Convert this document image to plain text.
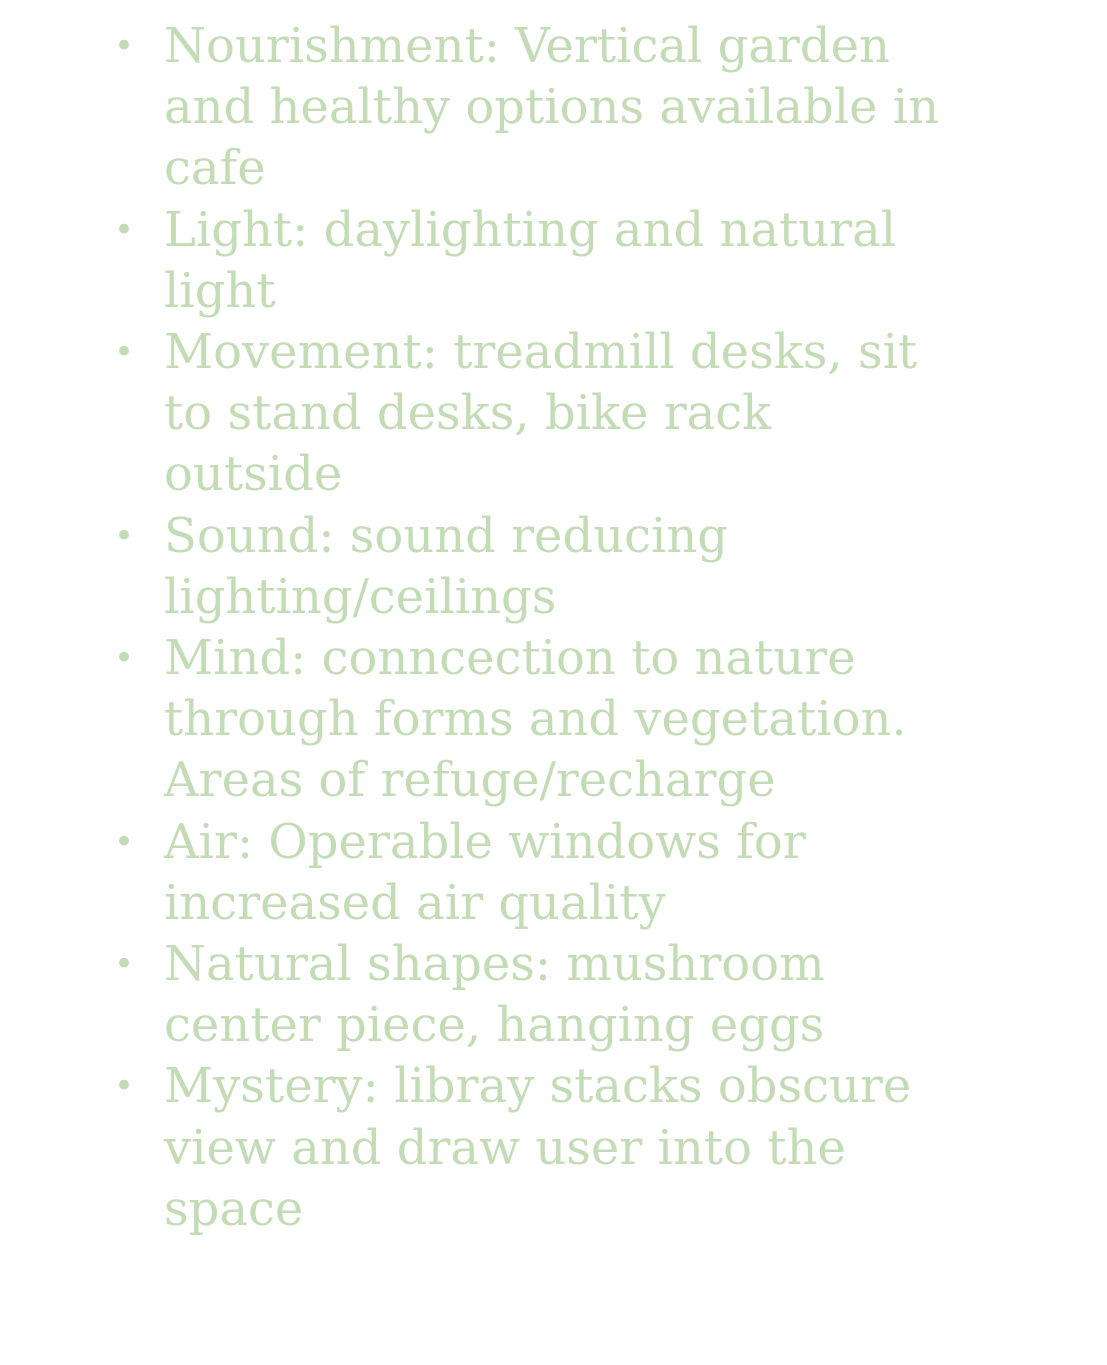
• Nourishment: Vertical garden and healthy options available in cafe
• Light: daylighting and natural light
• Movement: treadmill desks, sit to stand desks, bike rack outside
• Sound: sound reducing lighting/ceilings
• Mind: conncection to nature through forms and vegetation. Areas of refuge/recharge
• Air: Operable windows for increased air quality
• Natural shapes: mushroom center piece, hanging eggs
• Mystery: libray stacks obscure view and draw user into the space
